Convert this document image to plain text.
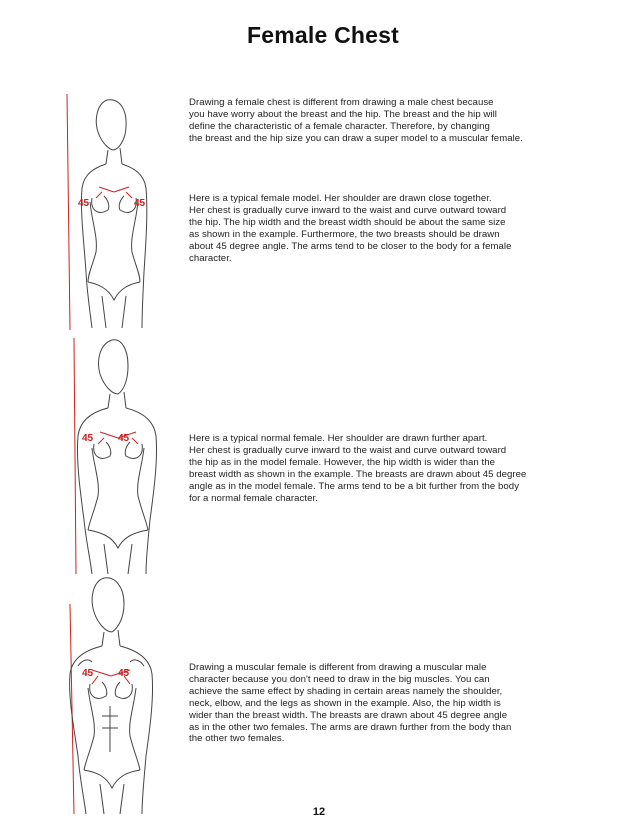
Female Chest
Drawing a female chest is different from drawing a male chest because
you have worry about the breast and the hip. The breast and the hip will
define the characteristic of a female character. Therefore, by changing
the breast and the hip size you can draw a super model to a muscular female.
Here is a typical female model. Her shoulder are drawn close together.
Her chest is gradually curve inward to the waist and curve outward toward
the hip. The hip width and the breast width should be about the same size
as shown in the example. Furthermore, the two breasts should be drawn
about 45 degree angle. The arms tend to be closer to the body for a female
character.
Here is a typical normal female. Her shoulder are drawn further apart.
Her chest is gradually curve inward to the waist and curve outward toward
the hip as in the model female. However, the hip width is wider than the
breast width as shown in the example. The breasts are drawn about 45 degree
angle as in the model female. The arms tend to be a bit further from the body
for a normal female character.
Drawing a muscular female is different from drawing a muscular male
character because you don't need to draw in the big muscles. You can
achieve the same effect by shading in certain areas namely the shoulder,
neck, elbow, and the legs as shown in the example. Also, the hip width is
wider than the breast width. The breasts are drawn about 45 degree angle
as in the other two females. The arms are drawn further from the body than
the other two females.
45	45
45 45
45 45
12
